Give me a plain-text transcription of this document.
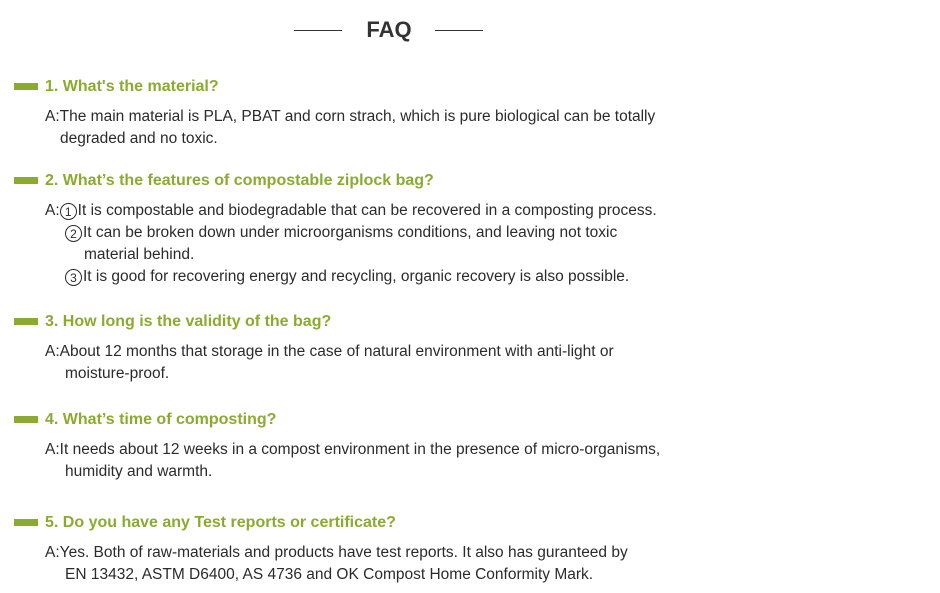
FAQ
1. What's the material?
A:The main material is PLA, PBAT and corn strach, which is pure biological can be totally
degraded and no toxic.
2. What’s the features of compostable ziplock bag?
A:1 It is compostable and biodegradable that can be recovered in a composting process.
2 It can be broken down under microorganisms conditions, and leaving not toxic
material behind.
3 It is good for recovering energy and recycling, organic recovery is also possible.
3. How long is the validity of the bag?
A:About 12 months that storage in the case of natural environment with anti-light or
moisture-proof.
4. What’s time of composting?
A:It needs about 12 weeks in a compost environment in the presence of micro-organisms,
humidity and warmth.
5. Do you have any Test reports or certificate?
A:Yes. Both of raw-materials and products have test reports. It also has guranteed by
EN 13432, ASTM D6400, AS 4736 and OK Compost Home Conformity Mark.
